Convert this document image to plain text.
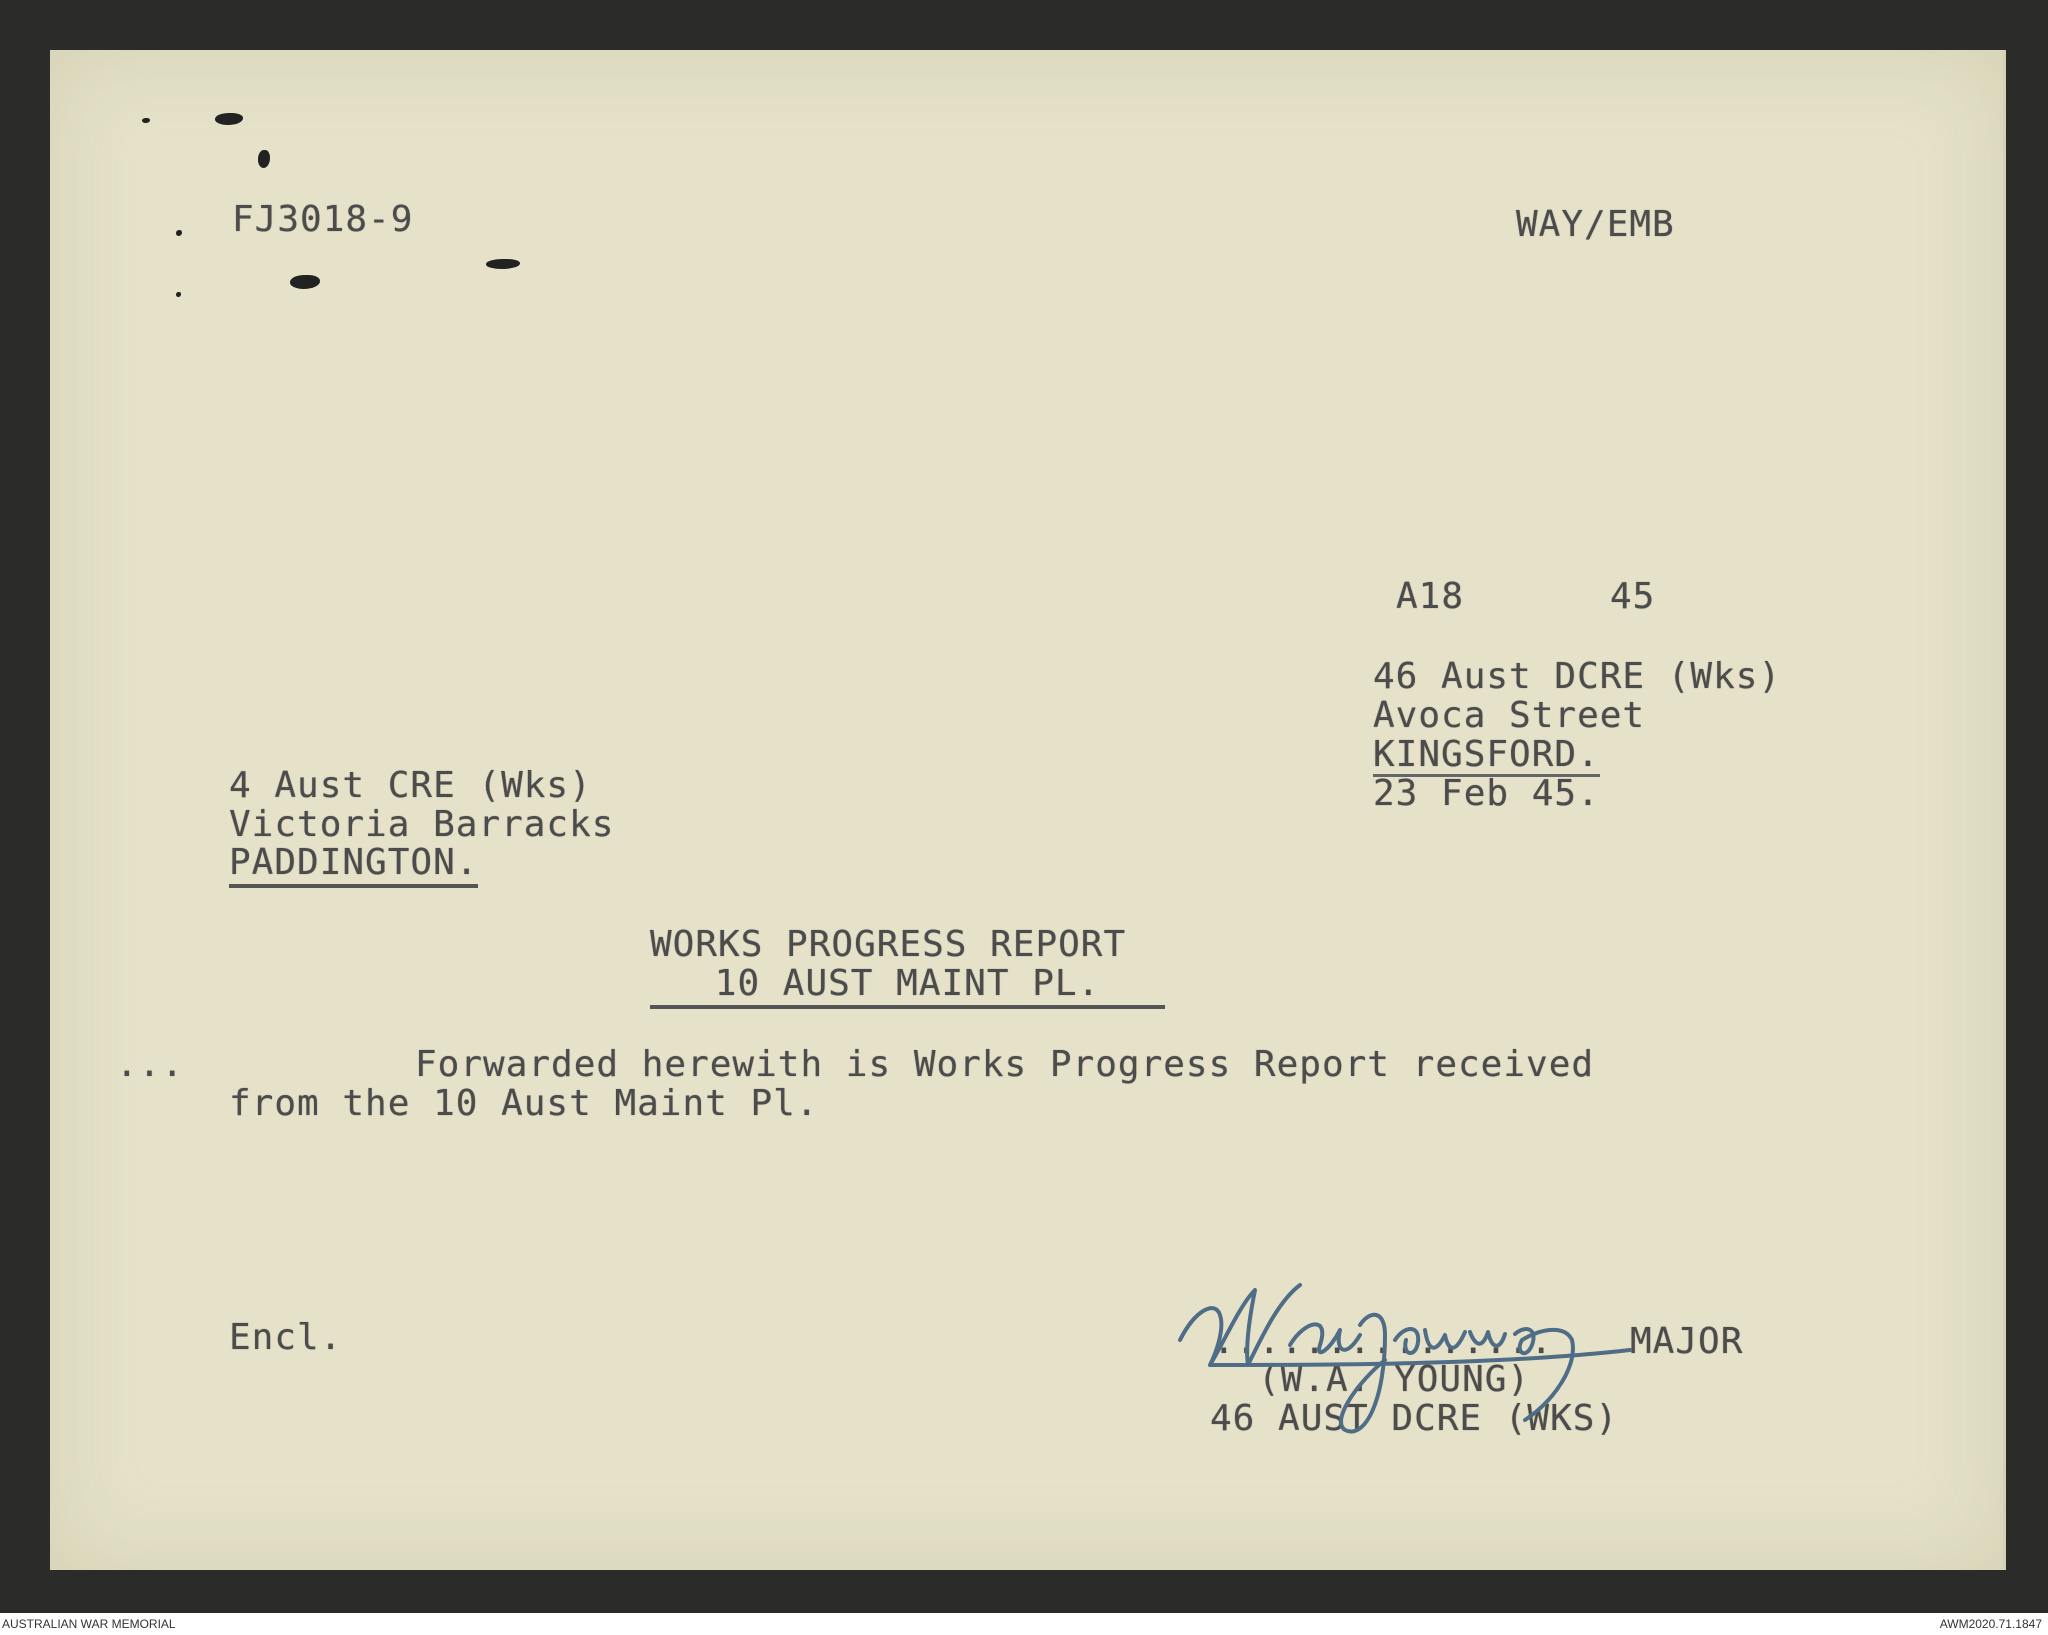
FJ3018-9	WAY/EMB
A18	45
46 Aust DCRE (Wks)
Avoca Street
KINGSFORD.
23 Feb 45.
4 Aust CRE (Wks)
Victoria Barracks
PADDINGTON.
WORKS PROGRESS REPORT
10 AUST MAINT PL.
...	Forwarded herewith is Works Progress Report received
from the 10 Aust Maint Pl.
Encl.	............... MAJOR
(W.A. YOUNG)
46 AUST DCRE (WKS)
AUSTRALIAN WAR MEMORIAL	AWM2020.71.1847
